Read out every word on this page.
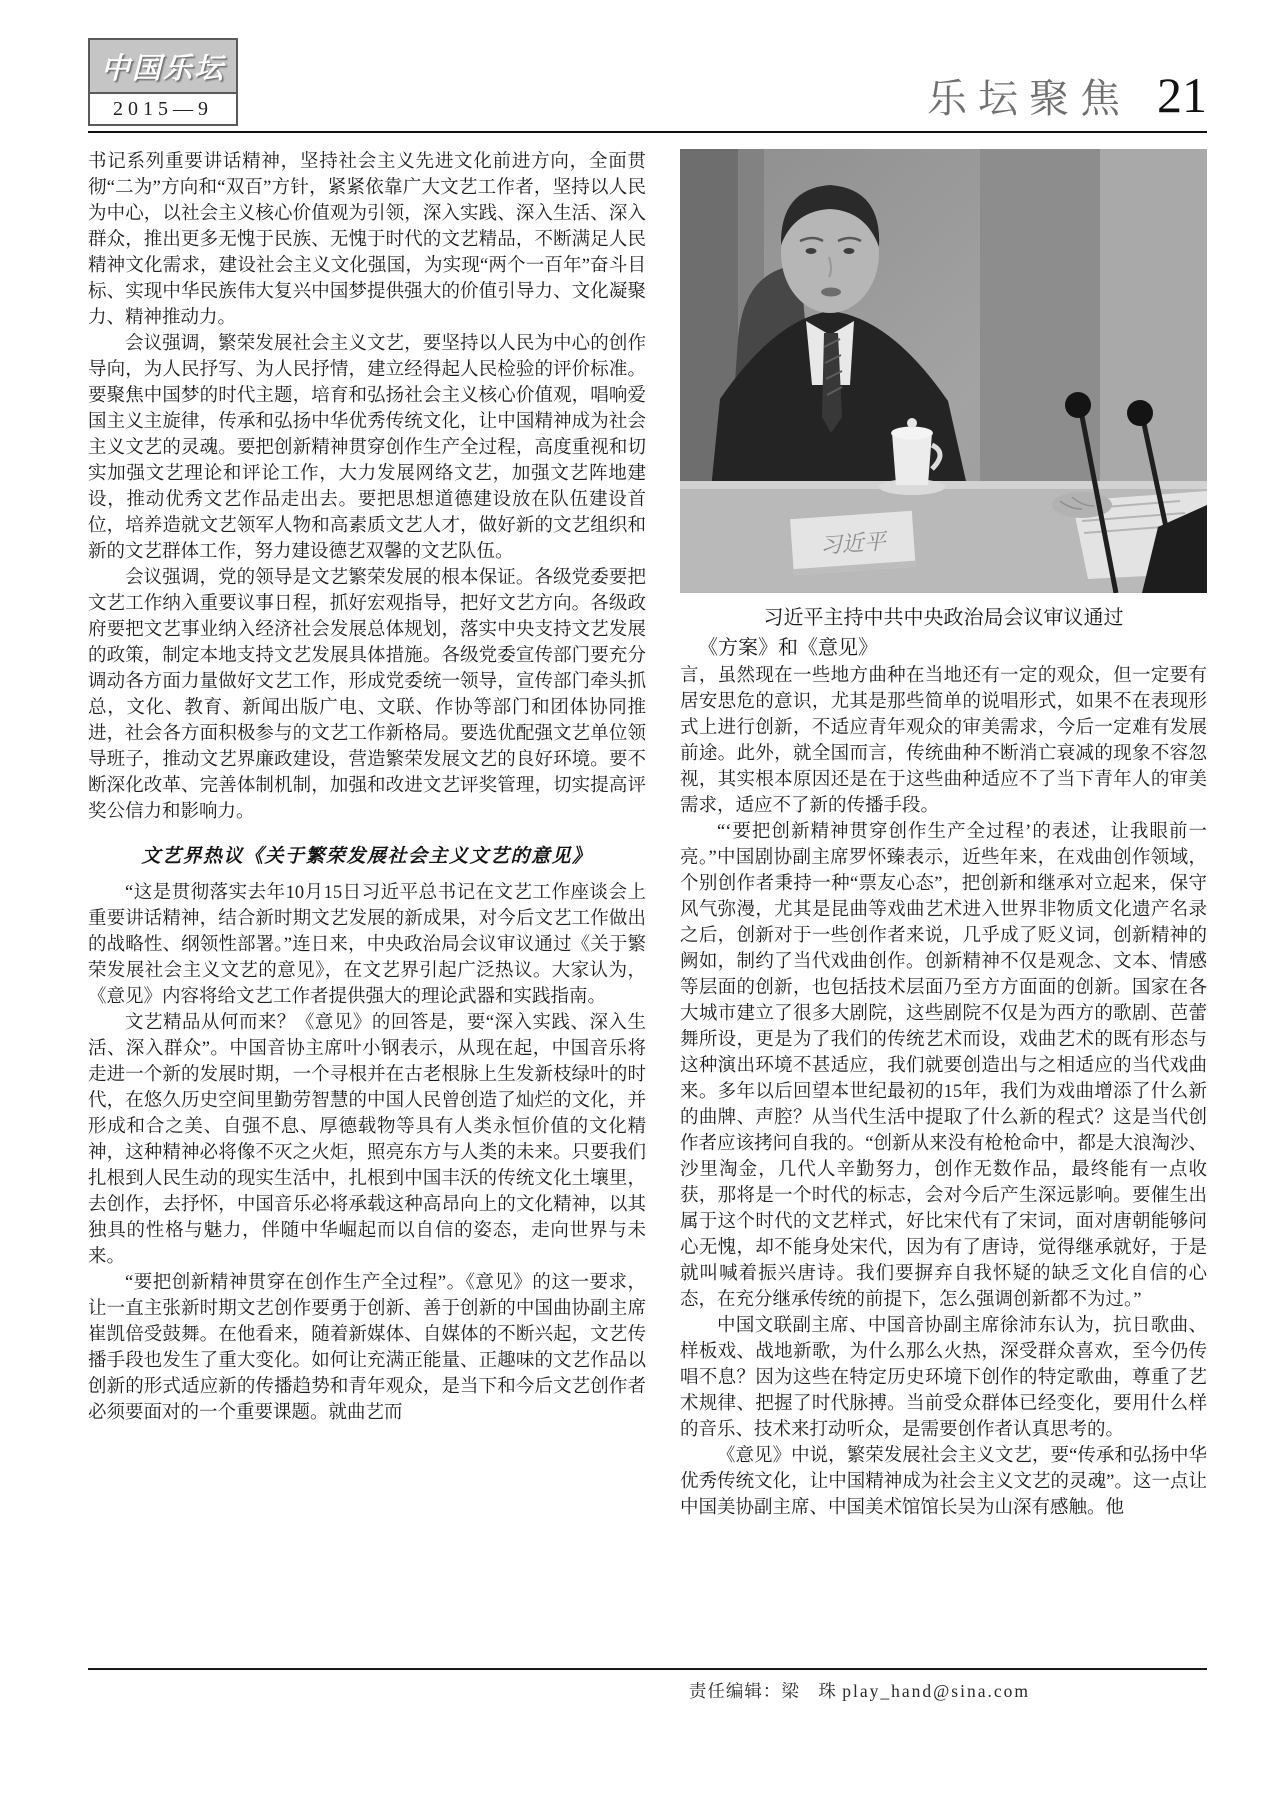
中国乐坛
2015—9	乐坛聚焦 21

书记系列重要讲话精神，坚持社会主义先进文化前进方向，全面贯彻“二为”方向和“双百”方针，紧紧依靠广大文艺工作者，坚持以人民为中心，以社会主义核心价值观为引领，深入实践、深入生活、深入群众，推出更多无愧于民族、无愧于时代的文艺精品，不断满足人民精神文化需求，建设社会主义文化强国，为实现“两个一百年”奋斗目标、实现中华民族伟大复兴中国梦提供强大的价值引导力、文化凝聚力、精神推动力。

会议强调，繁荣发展社会主义文艺，要坚持以人民为中心的创作导向，为人民抒写、为人民抒情，建立经得起人民检验的评价标准。要聚焦中国梦的时代主题，培育和弘扬社会主义核心价值观，唱响爱国主义主旋律，传承和弘扬中华优秀传统文化，让中国精神成为社会主义文艺的灵魂。要把创新精神贯穿创作生产全过程，高度重视和切实加强文艺理论和评论工作，大力发展网络文艺，加强文艺阵地建设，推动优秀文艺作品走出去。要把思想道德建设放在队伍建设首位，培养造就文艺领军人物和高素质文艺人才，做好新的文艺组织和新的文艺群体工作，努力建设德艺双馨的文艺队伍。

会议强调，党的领导是文艺繁荣发展的根本保证。各级党委要把文艺工作纳入重要议事日程，抓好宏观指导，把好文艺方向。各级政府要把文艺事业纳入经济社会发展总体规划，落实中央支持文艺发展的政策，制定本地支持文艺发展具体措施。各级党委宣传部门要充分调动各方面力量做好文艺工作，形成党委统一领导，宣传部门牵头抓总，文化、教育、新闻出版广电、文联、作协等部门和团体协同推进，社会各方面积极参与的文艺工作新格局。要选优配强文艺单位领导班子，推动文艺界廉政建设，营造繁荣发展文艺的良好环境。要不断深化改革、完善体制机制，加强和改进文艺评奖管理，切实提高评奖公信力和影响力。

文艺界热议《关于繁荣发展社会主义文艺的意见》

“这是贯彻落实去年10月15日习近平总书记在文艺工作座谈会上重要讲话精神，结合新时期文艺发展的新成果，对今后文艺工作做出的战略性、纲领性部署。”连日来，中央政治局会议审议通过《关于繁荣发展社会主义文艺的意见》，在文艺界引起广泛热议。大家认为，《意见》内容将给文艺工作者提供强大的理论武器和实践指南。

文艺精品从何而来？《意见》的回答是，要“深入实践、深入生活、深入群众”。中国音协主席叶小钢表示，从现在起，中国音乐将走进一个新的发展时期，一个寻根并在古老根脉上生发新枝绿叶的时代，在悠久历史空间里勤劳智慧的中国人民曾创造了灿烂的文化，并形成和合之美、自强不息、厚德载物等具有人类永恒价值的文化精神，这种精神必将像不灭之火炬，照亮东方与人类的未来。只要我们扎根到人民生动的现实生活中，扎根到中国丰沃的传统文化土壤里，去创作，去抒怀，中国音乐必将承载这种高昂向上的文化精神，以其独具的性格与魅力，伴随中华崛起而以自信的姿态，走向世界与未来。

“要把创新精神贯穿在创作生产全过程”。《意见》的这一要求，让一直主张新时期文艺创作要勇于创新、善于创新的中国曲协副主席崔凯倍受鼓舞。在他看来，随着新媒体、自媒体的不断兴起，文艺传播手段也发生了重大变化。如何让充满正能量、正趣味的文艺作品以创新的形式适应新的传播趋势和青年观众，是当下和今后文艺创作者必须要面对的一个重要课题。就曲艺而

习近平
习近平主持中共中央政治局会议审议通过
《方案》和《意见》

言，虽然现在一些地方曲种在当地还有一定的观众，但一定要有居安思危的意识，尤其是那些简单的说唱形式，如果不在表现形式上进行创新，不适应青年观众的审美需求，今后一定难有发展前途。此外，就全国而言，传统曲种不断消亡衰减的现象不容忽视，其实根本原因还是在于这些曲种适应不了当下青年人的审美需求，适应不了新的传播手段。

“‘要把创新精神贯穿创作生产全过程’的表述，让我眼前一亮。”中国剧协副主席罗怀臻表示，近些年来，在戏曲创作领域，个别创作者秉持一种“票友心态”，把创新和继承对立起来，保守风气弥漫，尤其是昆曲等戏曲艺术进入世界非物质文化遗产名录之后，创新对于一些创作者来说，几乎成了贬义词，创新精神的阙如，制约了当代戏曲创作。创新精神不仅是观念、文本、情感等层面的创新，也包括技术层面乃至方方面面的创新。国家在各大城市建立了很多大剧院，这些剧院不仅是为西方的歌剧、芭蕾舞所设，更是为了我们的传统艺术而设，戏曲艺术的既有形态与这种演出环境不甚适应，我们就要创造出与之相适应的当代戏曲来。多年以后回望本世纪最初的15年，我们为戏曲增添了什么新的曲牌、声腔？从当代生活中提取了什么新的程式？这是当代创作者应该拷问自我的。“创新从来没有枪枪命中，都是大浪淘沙、沙里淘金，几代人辛勤努力，创作无数作品，最终能有一点收获，那将是一个时代的标志，会对今后产生深远影响。要催生出属于这个时代的文艺样式，好比宋代有了宋词，面对唐朝能够问心无愧，却不能身处宋代，因为有了唐诗，觉得继承就好，于是就叫喊着振兴唐诗。我们要摒弃自我怀疑的缺乏文化自信的心态，在充分继承传统的前提下，怎么强调创新都不为过。”

中国文联副主席、中国音协副主席徐沛东认为，抗日歌曲、样板戏、战地新歌，为什么那么火热，深受群众喜欢，至今仍传唱不息？因为这些在特定历史环境下创作的特定歌曲，尊重了艺术规律、把握了时代脉搏。当前受众群体已经变化，要用什么样的音乐、技术来打动听众，是需要创作者认真思考的。

《意见》中说，繁荣发展社会主义文艺，要“传承和弘扬中华优秀传统文化，让中国精神成为社会主义文艺的灵魂”。这一点让中国美协副主席、中国美术馆馆长吴为山深有感触。他

责任编辑：梁　珠 play_hand@sina.com
